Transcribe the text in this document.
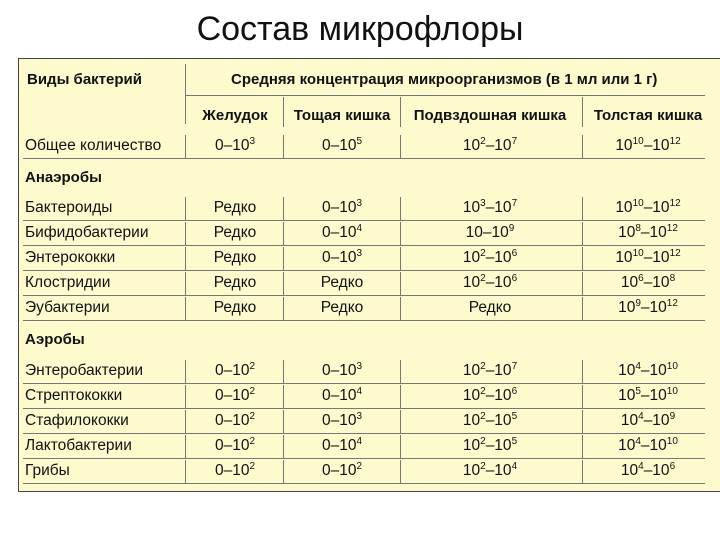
Состав микрофлоры
Виды бактерий	Средняя концентрация микроорганизмов (в 1 мл или 1 г)
Желудок	Тощая кишка	Подвздошная кишка	Толстая кишка
Общее количество	$0-10^3$	$0-10^5$	$10^2-10^7$	$10^{10}-10^{12}$
Анаэробы
Бактероиды	Редко	$0-10^3$	$10^3-10^7$	$10^{10}-10^{12}$
Бифидобактерии	Редко	$0-10^4$	$10-10^9$	$10^8-10^{12}$
Энтерококки	Редко	$0-10^3$	$10^2-10^6$	$10^{10}-10^{12}$
Клостридии	Редко	Редко	$10^2-10^6$	$10^6-10^8$
Эубактерии	Редко	Редко	Редко	$10^9-10^{12}$
Аэробы
Энтеробактерии	$0-10^2$	$0-10^3$	$10^2-10^7$	$10^4-10^{10}$
Стрептококки	$0-10^2$	$0-10^4$	$10^2-10^6$	$10^5-10^{10}$
Стафилококки	$0-10^2$	$0-10^3$	$10^2-10^5$	$10^4-10^9$
Лактобактерии	$0-10^2$	$0-10^4$	$10^2-10^5$	$10^4-10^{10}$
Грибы	$0-10^2$	$0-10^2$	$10^2-10^4$	$10^4-10^6$
